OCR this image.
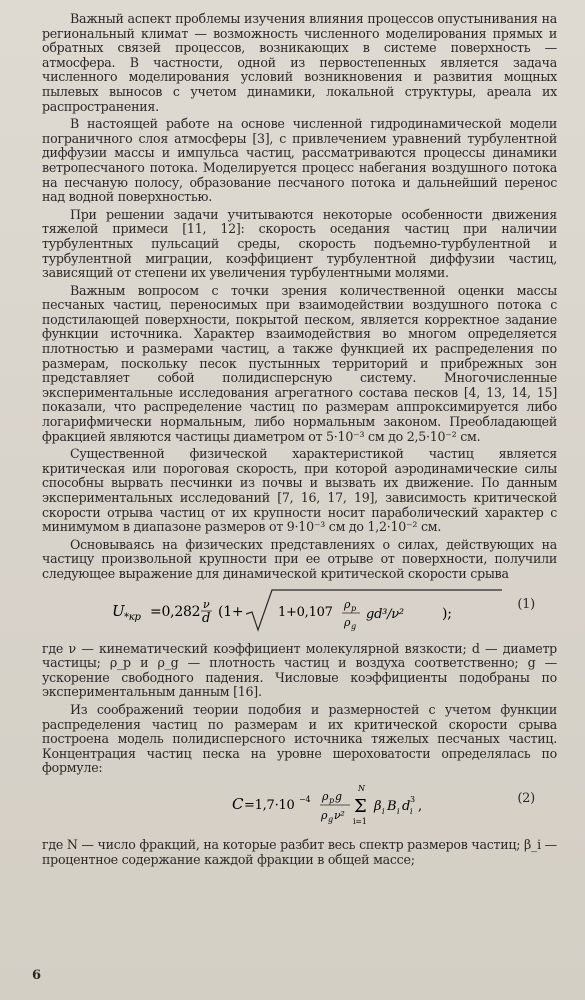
Важный аспект проблемы изучения влияния процессов опустынивания на региональный климат — возможность численного моделирования прямых и обратных связей процессов, возникающих в системе поверхность — атмосфера. В частности, одной из первостепенных является задача численного моделирования условий возникновения и развития мощных пылевых выносов с учетом динамики, локальной структуры, ареала их распространения.

В настоящей работе на основе численной гидродинамической модели пограничного слоя атмосферы [3], с привлечением уравнений турбулентной диффузии массы и импульса частиц, рассматриваются процессы динамики ветропесчаного потока. Моделируется процесс набегания воздушного потока на песчаную полосу, образование песчаного потока и дальнейший перенос над водной поверхностью.

При решении задачи учитываются некоторые особенности движения тяжелой примеси [11, 12]: скорость оседания частиц при наличии турбулентных пульсаций среды, скорость подъемно-турбулентной и турбулентной миграции, коэффициент турбулентной диффузии частиц, зависящий от степени их увеличения турбулентными молями.

Важным вопросом с точки зрения количественной оценки массы песчаных частиц, переносимых при взаимодействии воздушного потока с подстилающей поверхности, покрытой песком, является корректное задание функции источника. Характер взаимодействия во многом определяется плотностью и размерами частиц, а также функцией их распределения по размерам, поскольку песок пустынных территорий и прибрежных зон представляет собой полидисперсную систему. Многочисленные экспериментальные исследования агрегатного состава песков [4, 13, 14, 15] показали, что распределение частиц по размерам аппроксимируется либо логарифмически нормальным, либо нормальным законом. Преобладающей фракцией являются частицы диаметром от 5·10⁻³ см до 2,5·10⁻² см.

Существенной физической характеристикой частиц является критическая или пороговая скорость, при которой аэродинамические силы способны вырвать песчинки из почвы и вызвать их движение. По данным экспериментальных исследований [7, 16, 17, 19], зависимость критической скорости отрыва частиц от их крупности носит параболический характер с минимумом в диапазоне размеров от 9·10⁻³ см до 1,2·10⁻² см.

Основываясь на физических представлениях о силах, действующих на частицу произвольной крупности при ее отрыве от поверхности, получили следующее выражение для динамической критической скорости срыва

U *кр =0,282 ν
d (1+	1+0,107
ρ p
ρ g
gd³/ν²	);
(1)

где ν — кинематический коэффициент молекулярной вязкости; d — диаметр частицы; ρ_p и ρ_g — плотность частиц и воздуха соответственно; g — ускорение свободного падения. Числовые коэффициенты подобраны по экспериментальным данным [16].

Из соображений теории подобия и размерностей с учетом функции распределения частиц по размерам и их критической скорости срыва построена модель полидисперсного источника тяжелых песчаных частиц. Концентрация частиц песка на уровне шероховатости определялась по формуле:

C =1,7·10 −4 ρ p g
ρ g ν²
N
Σ
i=1
β i B i d i
3 ,
(2)

где N — число фракций, на которые разбит весь спектр размеров частиц; β_i — процентное содержание каждой фракции в общей массе;

6
